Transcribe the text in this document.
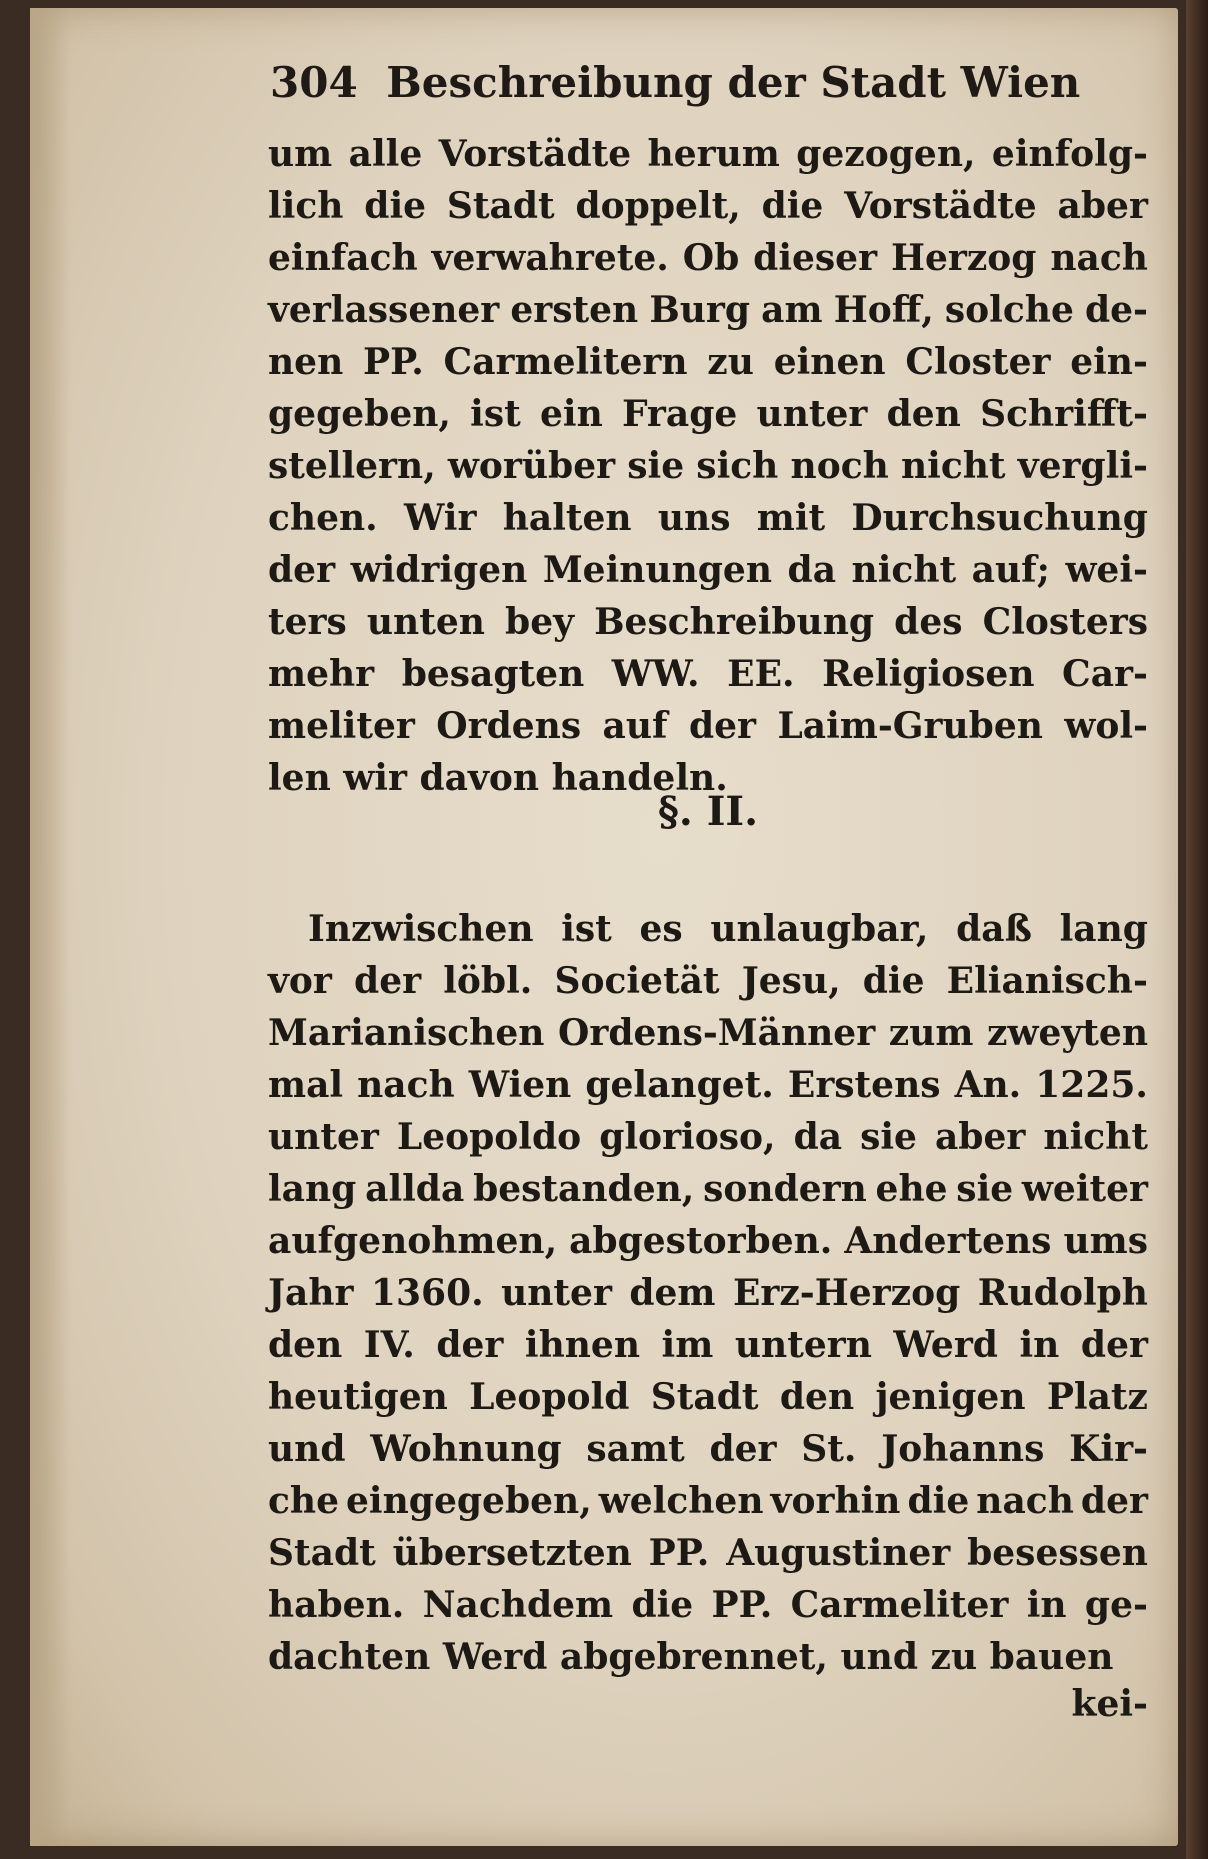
304 Beschreibung der Stadt Wien
um alle Vorstädte herum gezogen, einfolg-
lich die Stadt doppelt, die Vorstädte aber
einfach verwahrete. Ob dieser Herzog nach
verlassener ersten Burg am Hoff, solche de-
nen PP. Carmelitern zu einen Closter ein-
gegeben, ist ein Frage unter den Schrifft-
stellern, worüber sie sich noch nicht vergli-
chen. Wir halten uns mit Durchsuchung
der widrigen Meinungen da nicht auf; wei-
ters unten bey Beschreibung des Closters
mehr besagten WW. EE. Religiosen Car-
meliter Ordens auf der Laim-Gruben wol-
len wir davon handeln.
§. II.
Inzwischen ist es unlaugbar, daß lang
vor der löbl. Societät Jesu, die Elianisch-
Marianischen Ordens-Männer zum zweyten
mal nach Wien gelanget. Erstens An. 1225.
unter Leopoldo glorioso, da sie aber nicht
lang allda bestanden, sondern ehe sie weiter
aufgenohmen, abgestorben. Andertens ums
Jahr 1360. unter dem Erz-Herzog Rudolph
den IV. der ihnen im untern Werd in der
heutigen Leopold Stadt den jenigen Platz
und Wohnung samt der St. Johanns Kir-
che eingegeben, welchen vorhin die nach der
Stadt übersetzten PP. Augustiner besessen
haben. Nachdem die PP. Carmeliter in ge-
dachten Werd abgebrennet, und zu bauen
kei-
